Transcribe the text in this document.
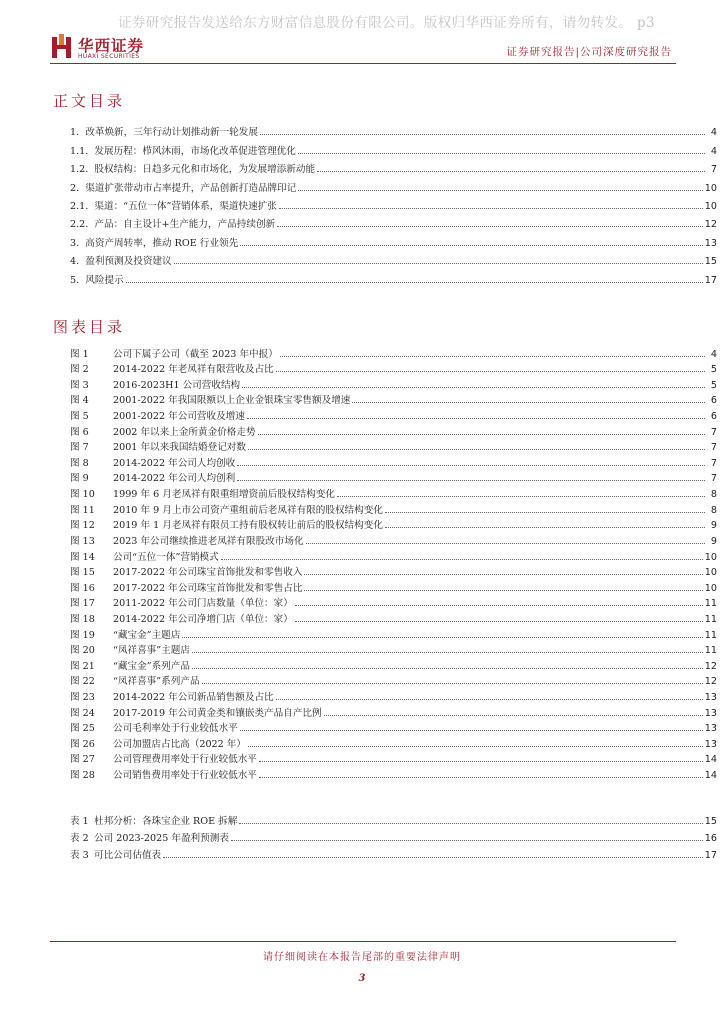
证券研究报告发送给东方财富信息股份有限公司。版权归华西证券所有，请勿转发。 p3
华西证券
HUAXI SECURITIES	证券研究报告|公司深度研究报告
正文目录
1. 改革焕新，三年行动计划推动新一轮发展	4
1.1. 发展历程：栉风沐雨，市场化改革促进管理优化	4
1.2. 股权结构：日趋多元化和市场化，为发展增添新动能	7
2. 渠道扩张带动市占率提升，产品创新打造品牌印记	10
2.1. 渠道：“五位一体”营销体系，渠道快速扩张	10
2.2. 产品：自主设计+生产能力，产品持续创新	12
3. 高资产周转率，推动 ROE 行业领先	13
4. 盈利预测及投资建议	15
5. 风险提示	17
图表目录
图 1	公司下属子公司（截至 2023 年中报）	4
图 2	2014-2022 年老凤祥有限营收及占比	5
图 3	2016-2023H1 公司营收结构	5
图 4	2001-2022 年我国限额以上企业金银珠宝零售额及增速	6
图 5	2001-2022 年公司营收及增速	6
图 6	2002 年以来上金所黄金价格走势	7
图 7	2001 年以来我国结婚登记对数	7
图 8	2014-2022 年公司人均创收	7
图 9	2014-2022 年公司人均创利	7
图 10	1999 年 6 月老凤祥有限重组增资前后股权结构变化	8
图 11	2010 年 9 月上市公司资产重组前后老凤祥有限的股权结构变化	8
图 12	2019 年 1 月老凤祥有限员工持有股权转让前后的股权结构变化	9
图 13	2023 年公司继续推进老凤祥有限股改市场化	9
图 14	公司“五位一体”营销模式	10
图 15	2017-2022 年公司珠宝首饰批发和零售收入	10
图 16	2017-2022 年公司珠宝首饰批发和零售占比	10
图 17	2011-2022 年公司门店数量（单位：家）	11
图 18	2014-2022 年公司净增门店（单位：家）	11
图 19	“藏宝金”主题店	11
图 20	“凤祥喜事”主题店	11
图 21	“藏宝金”系列产品	12
图 22	“凤祥喜事”系列产品	12
图 23	2014-2022 年公司新品销售额及占比	13
图 24	2017-2019 年公司黄金类和镶嵌类产品自产比例	13
图 25	公司毛利率处于行业较低水平	13
图 26	公司加盟店占比高（2022 年）	13
图 27	公司管理费用率处于行业较低水平	14
图 28	公司销售费用率处于行业较低水平	14
表 1 杜邦分析：各珠宝企业 ROE 拆解	15
表 2 公司 2023-2025 年盈利预测表	16
表 3 可比公司估值表	17
请仔细阅读在本报告尾部的重要法律声明
3
